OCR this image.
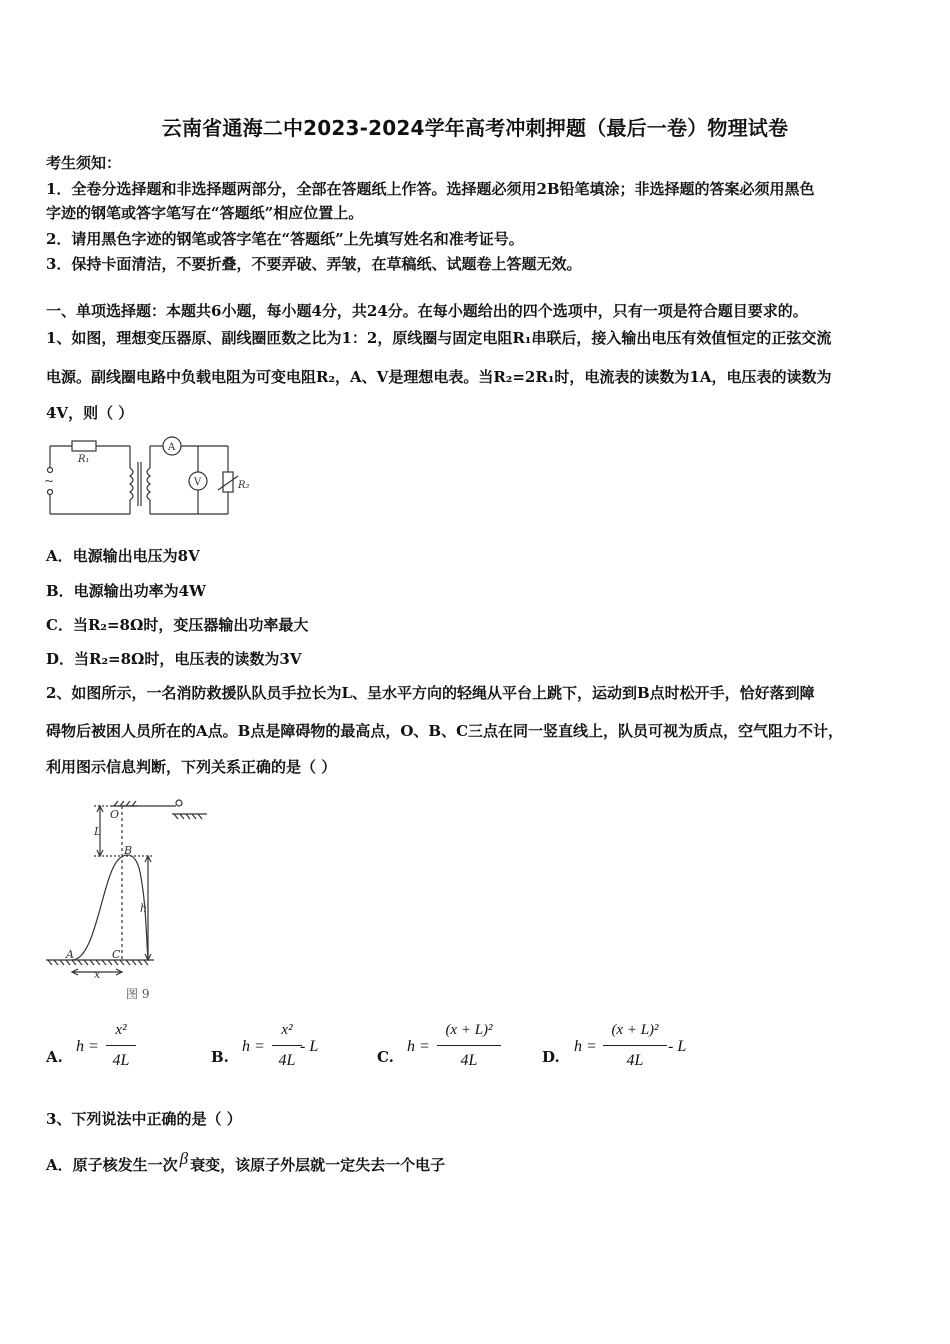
云南省通海二中2023-2024学年高考冲刺押题（最后一卷）物理试卷
考生须知：
1．全卷分选择题和非选择题两部分，全部在答题纸上作答。选择题必须用2B铅笔填涂；非选择题的答案必须用黑色
字迹的钢笔或答字笔写在“答题纸”相应位置上。
2．请用黑色字迹的钢笔或答字笔在“答题纸”上先填写姓名和准考证号。
3．保持卡面清洁，不要折叠，不要弄破、弄皱，在草稿纸、试题卷上答题无效。
一、单项选择题：本题共6小题，每小题4分，共24分。在每小题给出的四个选项中，只有一项是符合题目要求的。
1、如图，理想变压器原、副线圈匝数之比为1：2，原线圈与固定电阻R₁串联后，接入输出电压有效值恒定的正弦交流
电源。副线圈电路中负载电阻为可变电阻R₂，A、V是理想电表。当R₂=2R₁时，电流表的读数为1A，电压表的读数为
4V，则（ ）
R₁
A
V	R₂
~
A．电源输出电压为8V
B．电源输出功率为4W
C．当R₂=8Ω时，变压器输出功率最大
D．当R₂=8Ω时，电压表的读数为3V
2、如图所示，一名消防救援队队员手拉长为L、呈水平方向的轻绳从平台上跳下，运动到B点时松开手，恰好落到障
碍物后被困人员所在的A点。B点是障碍物的最高点，O、B、C三点在同一竖直线上，队员可视为质点，空气阻力不计，
利用图示信息判断，下列关系正确的是（ ）
O
L
B
h
A	C
x
图 9
A.
h =
x²
4L	B.
h =
x²
4L
- L
C.
h =
(x + L)²
4L	D.
h =
(x + L)²
4L
- L
3、下列说法中正确的是（ ）
A．原子核发生一次 β 衰变，该原子外层就一定失去一个电子
